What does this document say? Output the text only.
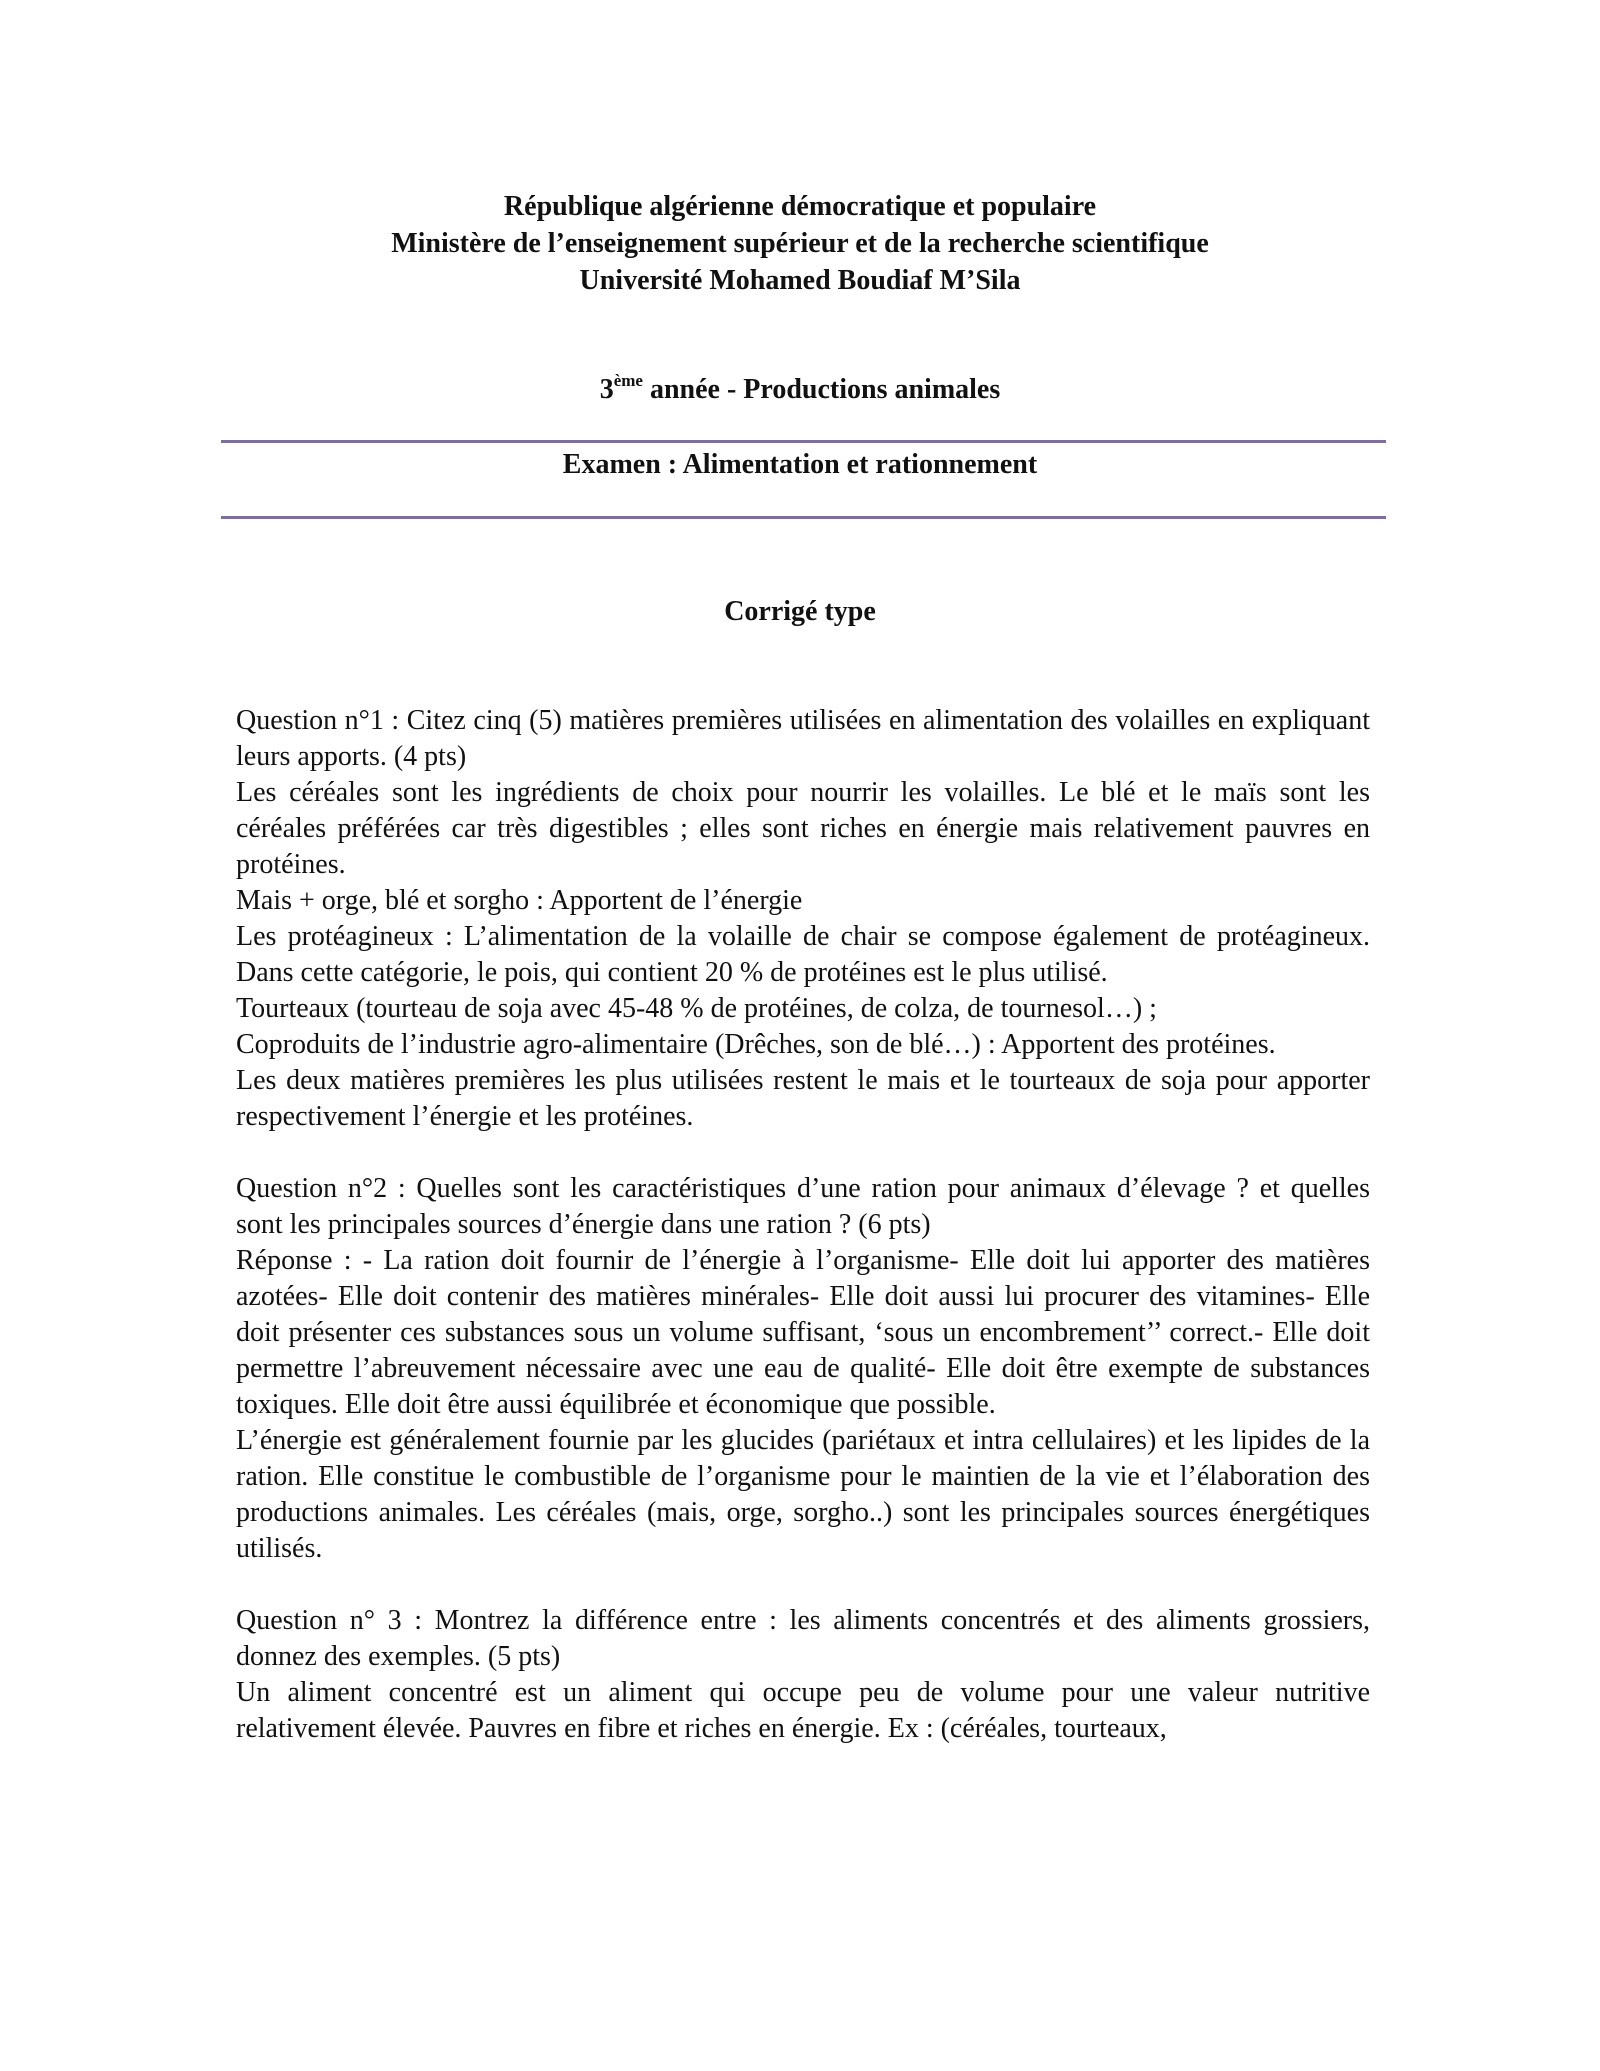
République algérienne démocratique et populaire
Ministère de l’enseignement supérieur et de la recherche scientifique
Université Mohamed Boudiaf M’Sila
3ème année - Productions animales
Examen : Alimentation et rationnement
Corrigé type

Question n°1 : Citez cinq (5) matières premières utilisées en alimentation des volailles en expliquant leurs apports. (4 pts)

Les céréales sont les ingrédients de choix pour nourrir les volailles. Le blé et le maïs sont les céréales préférées car très digestibles ; elles sont riches en énergie mais relativement pauvres en protéines.

Mais + orge, blé et sorgho : Apportent de l’énergie

Les protéagineux : L’alimentation de la volaille de chair se compose également de protéagineux. Dans cette catégorie, le pois, qui contient 20 % de protéines est le plus utilisé.

Tourteaux (tourteau de soja avec 45-48 % de protéines, de colza, de tournesol…) ;

Coproduits de l’industrie agro-alimentaire (Drêches, son de blé…) : Apportent des protéines.

Les deux matières premières les plus utilisées restent le mais et le tourteaux de soja pour apporter respectivement l’énergie et les protéines.

Question n°2 : Quelles sont les caractéristiques d’une ration pour animaux d’élevage ? et quelles sont les principales sources d’énergie dans une ration ? (6 pts)

Réponse : - La ration doit fournir de l’énergie à l’organisme- Elle doit lui apporter des matières azotées- Elle doit contenir des matières minérales- Elle doit aussi lui procurer des vitamines- Elle doit présenter ces substances sous un volume suffisant, ‘sous un encombrement’’ correct.- Elle doit permettre l’abreuvement nécessaire avec une eau de qualité- Elle doit être exempte de substances toxiques. Elle doit être aussi équilibrée et économique que possible.

L’énergie est généralement fournie par les glucides (pariétaux et intra cellulaires) et les lipides de la ration. Elle constitue le combustible de l’organisme pour le maintien de la vie et l’élaboration des productions animales. Les céréales (mais, orge, sorgho..) sont les principales sources énergétiques utilisés.

Question n° 3 : Montrez la différence entre : les aliments concentrés et des aliments grossiers, donnez des exemples. (5 pts)

Un aliment concentré est un aliment qui occupe peu de volume pour une valeur nutritive relativement élevée. Pauvres en fibre et riches en énergie. Ex : (céréales, tourteaux,
